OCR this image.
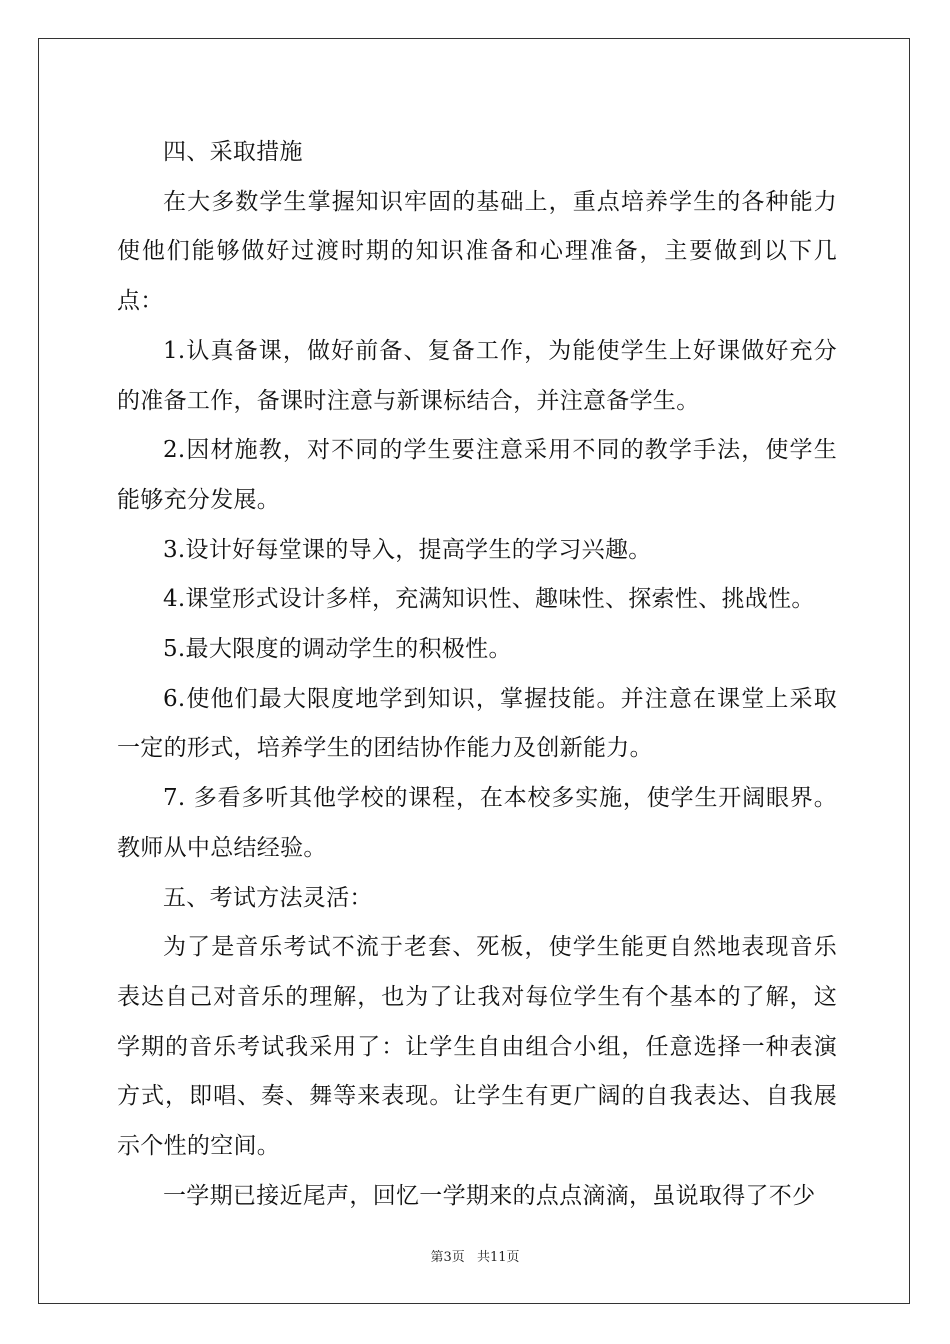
四、采取措施

在大多数学生掌握知识牢固的基础上，重点培养学生的各种能力使他们能够做好过渡时期的知识准备和心理准备，主要做到以下几点：

1.认真备课，做好前备、复备工作，为能使学生上好课做好充分的准备工作，备课时注意与新课标结合，并注意备学生。

2.因材施教，对不同的学生要注意采用不同的教学手法，使学生能够充分发展。

3.设计好每堂课的导入，提高学生的学习兴趣。

4.课堂形式设计多样，充满知识性、趣味性、探索性、挑战性。

5.最大限度的调动学生的积极性。

6.使他们最大限度地学到知识，掌握技能。并注意在课堂上采取一定的形式，培养学生的团结协作能力及创新能力。

7. 多看多听其他学校的课程，在本校多实施，使学生开阔眼界。教师从中总结经验。

五、考试方法灵活：

为了是音乐考试不流于老套、死板，使学生能更自然地表现音乐表达自己对音乐的理解，也为了让我对每位学生有个基本的了解，这学期的音乐考试我采用了：让学生自由组合小组，任意选择一种表演方式，即唱、奏、舞等来表现。让学生有更广阔的自我表达、自我展示个性的空间。

一学期已接近尾声，回忆一学期来的点点滴滴，虽说取得了不少

第3页 共11页
